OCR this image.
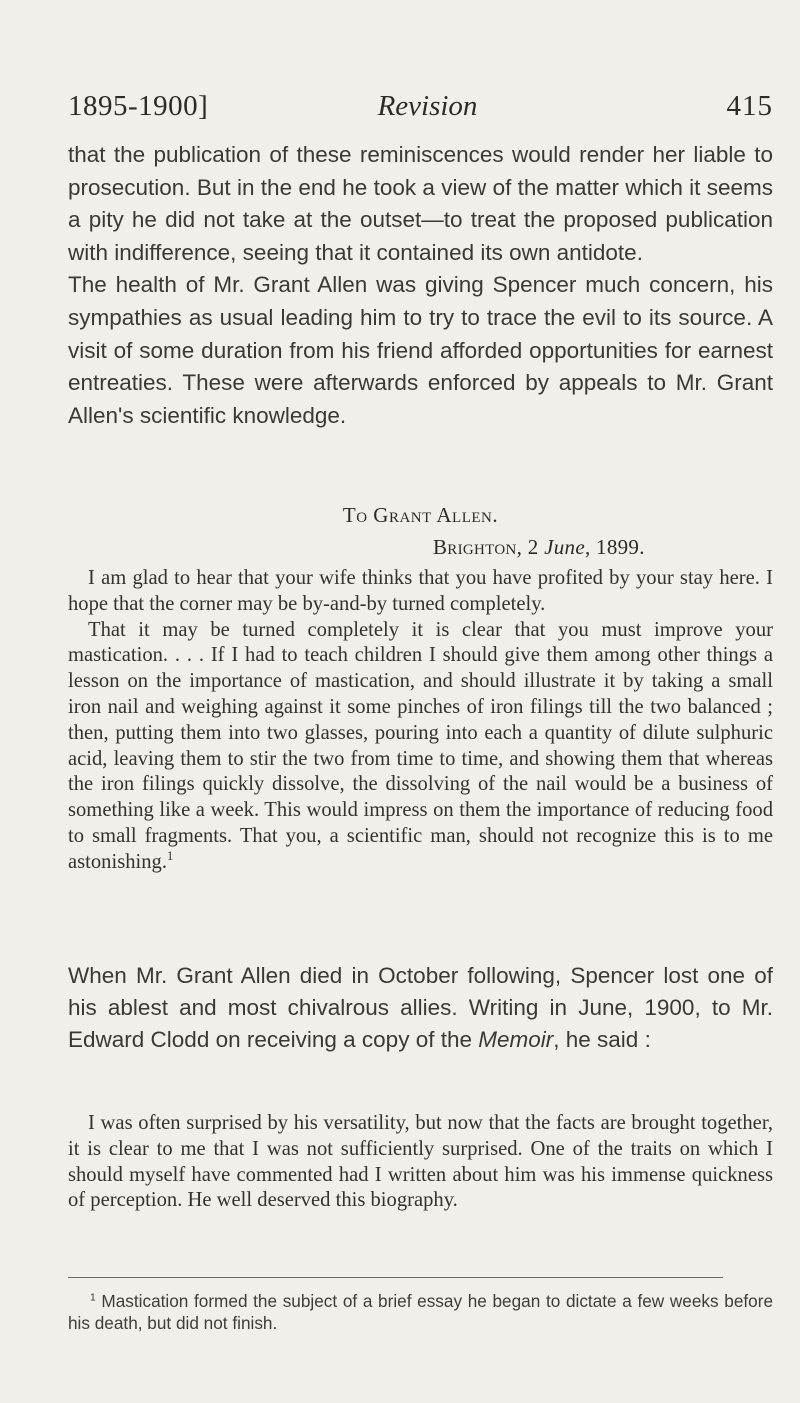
1895-1900]	Revision	415

that the publication of these reminiscences would render her liable to prosecution. But in the end he took a view of the matter which it seems a pity he did not take at the outset—to treat the proposed publication with indifference, seeing that it contained its own antidote.

The health of Mr. Grant Allen was giving Spencer much concern, his sympathies as usual leading him to try to trace the evil to its source. A visit of some duration from his friend afforded opportunities for earnest entreaties. These were afterwards enforced by appeals to Mr. Grant Allen's scientific knowledge.

To Grant Allen.
Brighton, 2 June, 1899.

I am glad to hear that your wife thinks that you have profited by your stay here. I hope that the corner may be by-and-by turned completely.

That it may be turned completely it is clear that you must improve your mastication. . . . If I had to teach children I should give them among other things a lesson on the importance of mastication, and should illustrate it by taking a small iron nail and weighing against it some pinches of iron filings till the two balanced ; then, putting them into two glasses, pouring into each a quantity of dilute sulphuric acid, leaving them to stir the two from time to time, and showing them that whereas the iron filings quickly dissolve, the dissolving of the nail would be a business of something like a week. This would impress on them the importance of reducing food to small fragments. That you, a scientific man, should not recognize this is to me astonishing.$^1$

When Mr. Grant Allen died in October following, Spencer lost one of his ablest and most chivalrous allies. Writing in June, 1900, to Mr. Edward Clodd on receiving a copy of the Memoir, he said :

I was often surprised by his versatility, but now that the facts are brought together, it is clear to me that I was not sufficiently surprised. One of the traits on which I should myself have commented had I written about him was his immense quickness of perception. He well deserved this biography.

$^1$ Mastication formed the subject of a brief essay he began to dictate a few weeks before his death, but did not finish.
